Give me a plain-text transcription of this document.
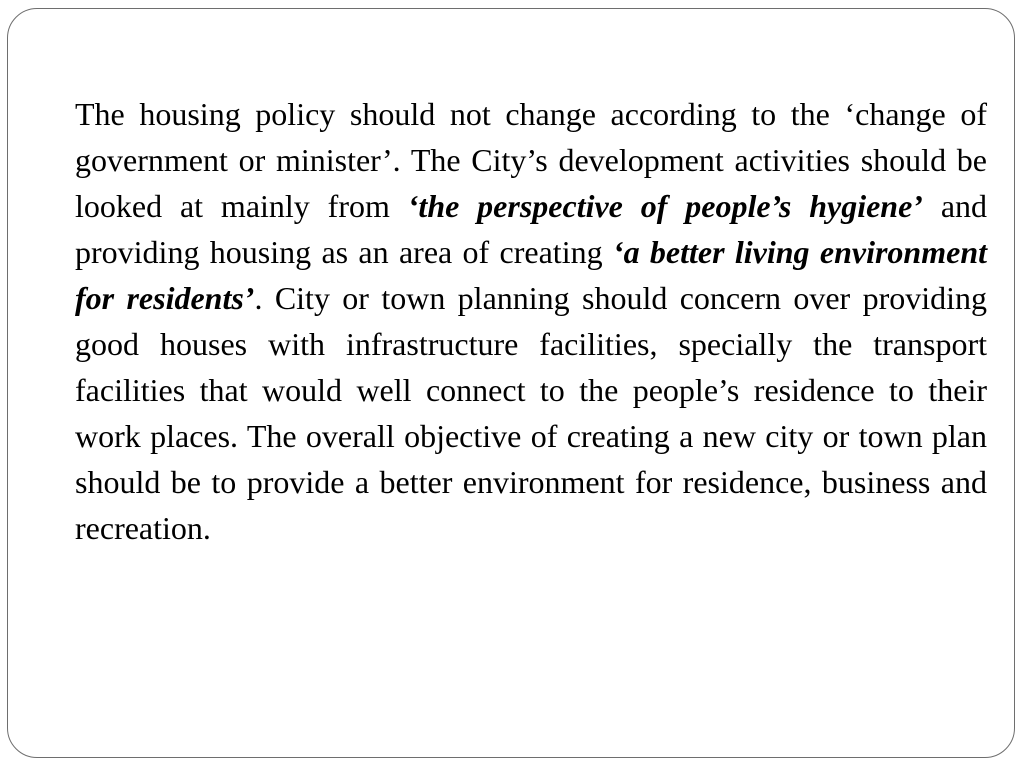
The housing policy should not change according to the ‘change of government or minister’. The City’s development activities should be looked at mainly from ‘the perspective of people’s hygiene’ and providing housing as an area of creating ‘a better living environment for residents’. City or town planning should concern over providing good houses with infrastructure facilities, specially the transport facilities that would well connect to the people’s residence to their work places. The overall objective of creating a new city or town plan should be to provide a better environment for residence, business and recreation.
